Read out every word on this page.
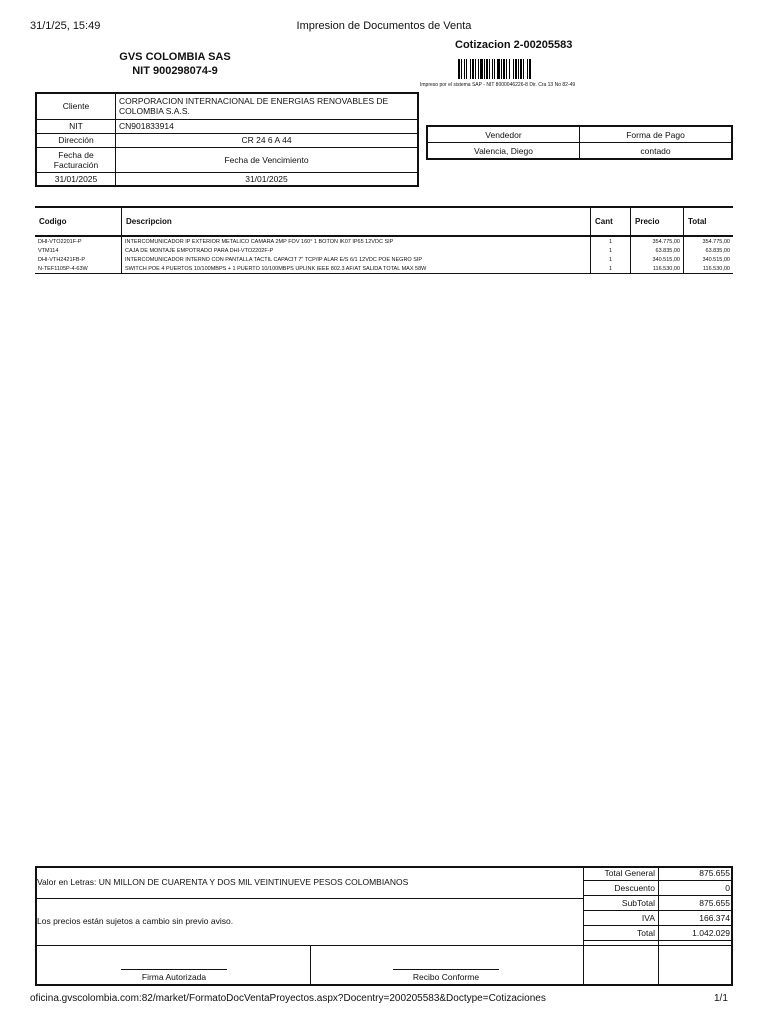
31/1/25, 15:49	Impresion de Documentos de Venta
Cotizacion 2-00205583
GVS COLOMBIA SAS
NIT 900298074-9
Impreso por el sistema SAP - NIT 8000046226-8 Dir. Cra 13 No 82-49
Cliente	CORPORACION INTERNACIONAL DE ENERGIAS RENOVABLES DE COLOMBIA S.A.S.
NIT	CN901833914
Dirección	CR 24 6 A 44
Fecha de Facturación	Fecha de Vencimiento
31/01/2025	31/01/2025
Vendedor	Forma de Pago
Valencia, Diego	contado
Codigo	Descripcion	Cant	Precio	Total
DHI-VTO2201F-P	INTERCOMUNICADOR IP EXTERIOR METALICO CAMARA 2MP FOV 160° 1 BOTON IK07 IP65 12VDC SIP	1	354.775,00	354.775,00
VTM114	CAJA DE MONTAJE EMPOTRADO PARA DHI-VTO2202F-P	1	63.835,00	63.835,00
DHI-VTH2421FB-P	INTERCOMUNICADOR INTERNO CON PANTALLA TACTIL CAPACIT 7" TCP/IP ALAR E/S 6/1 12VDC POE NEGRO SIP	1	340.515,00	340.515,00
N-TEF1105P-4-63W	SWITCH POE 4 PUERTOS 10/100MBPS + 1 PUERTO 10/100MBPS UPLINK IEEE 802.3 AF/AT SALIDA TOTAL MAX 58W	1	116.530,00	116.530,00
Valor en Letras: UN MILLON DE CUARENTA Y DOS MIL VEINTINUEVE PESOS COLOMBIANOS
Los precios están sujetos a cambio sin previo aviso.
Total General	875.655
Descuento	0
SubTotal	875.655
IVA	166.374
Total	1.042.029
Firma Autorizada	Recibo Conforme
oficina.gvscolombia.com:82/market/FormatoDocVentaProyectos.aspx?Docentry=200205583&Doctype=Cotizaciones	1/1
